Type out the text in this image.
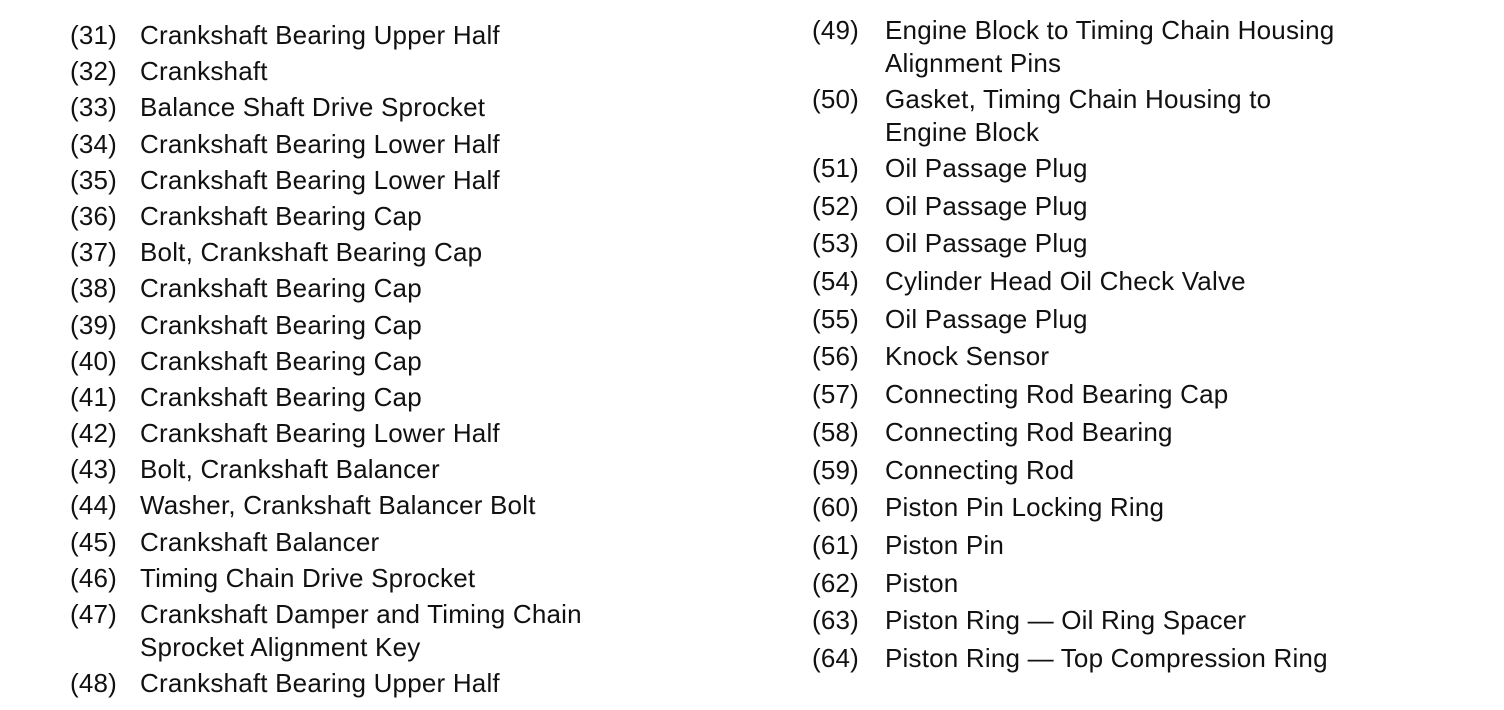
(31) Crankshaft Bearing Upper Half
(32) Crankshaft
(33) Balance Shaft Drive Sprocket
(34) Crankshaft Bearing Lower Half
(35) Crankshaft Bearing Lower Half
(36) Crankshaft Bearing Cap
(37) Bolt, Crankshaft Bearing Cap
(38) Crankshaft Bearing Cap
(39) Crankshaft Bearing Cap
(40) Crankshaft Bearing Cap
(41) Crankshaft Bearing Cap
(42) Crankshaft Bearing Lower Half
(43) Bolt, Crankshaft Balancer
(44) Washer, Crankshaft Balancer Bolt
(45) Crankshaft Balancer
(46) Timing Chain Drive Sprocket
(47) Crankshaft Damper and Timing Chain
Sprocket Alignment Key
(48) Crankshaft Bearing Upper Half
(49) Engine Block to Timing Chain Housing
Alignment Pins
(50) Gasket, Timing Chain Housing to
Engine Block
(51) Oil Passage Plug
(52) Oil Passage Plug
(53) Oil Passage Plug
(54) Cylinder Head Oil Check Valve
(55) Oil Passage Plug
(56) Knock Sensor
(57) Connecting Rod Bearing Cap
(58) Connecting Rod Bearing
(59) Connecting Rod
(60) Piston Pin Locking Ring
(61) Piston Pin
(62) Piston
(63) Piston Ring — Oil Ring Spacer
(64) Piston Ring — Top Compression Ring
